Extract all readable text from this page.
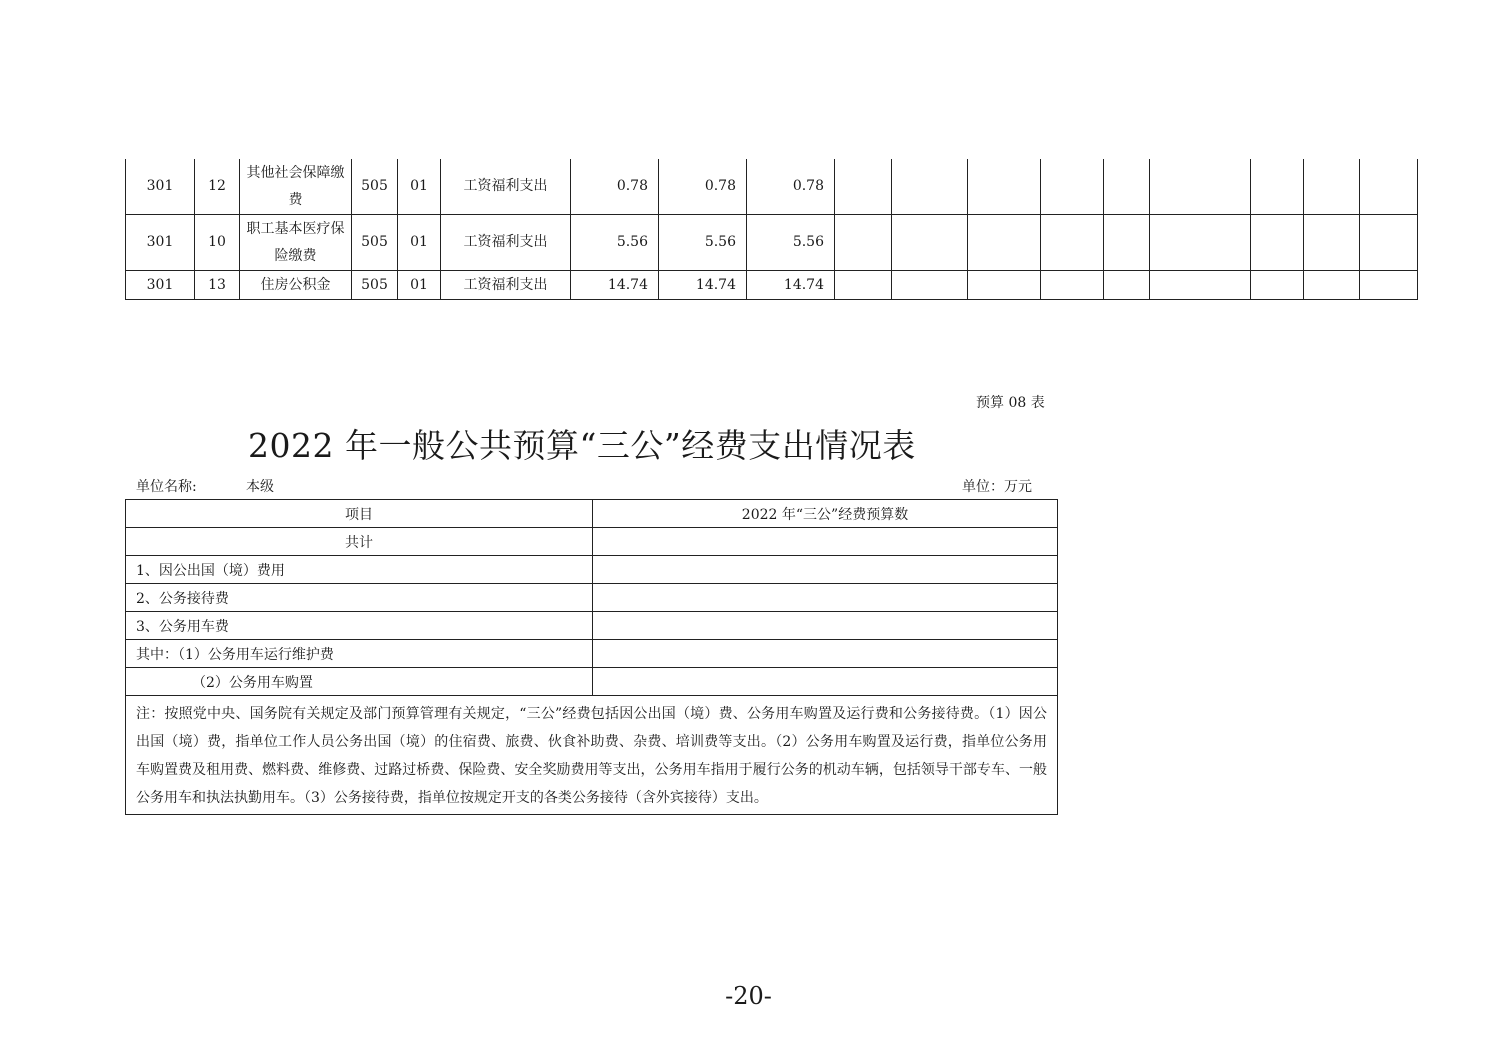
301	12	其他社会保障缴费	505	01	工资福利支出	0.78	0.78	0.78									
301	10	职工基本医疗保险缴费	505	01	工资福利支出	5.56	5.56	5.56									
301	13	住房公积金	505	01	工资福利支出	14.74	14.74	14.74									
预算 08 表
2022 年一般公共预算“三公”经费支出情况表
单位名称:	本级	单位：万元
项目	2022 年“三公”经费预算数
共计	
1、因公出国（境）费用	
2、公务接待费	
3、公务用车费	
其中：（1）公务用车运行维护费	
（2）公务用车购置	
注：按照党中央、国务院有关规定及部门预算管理有关规定，“三公”经费包括因公出国（境）费、公务用车购置及运行费和公务接待费。（1）因公出国（境）费，指单位工作人员公务出国（境）的住宿费、旅费、伙食补助费、杂费、培训费等支出。（2）公务用车购置及运行费，指单位公务用车购置费及租用费、燃料费、维修费、过路过桥费、保险费、安全奖励费用等支出，公务用车指用于履行公务的机动车辆，包括领导干部专车、一般公务用车和执法执勤用车。（3）公务接待费，指单位按规定开支的各类公务接待（含外宾接待）支出。	
-20-
